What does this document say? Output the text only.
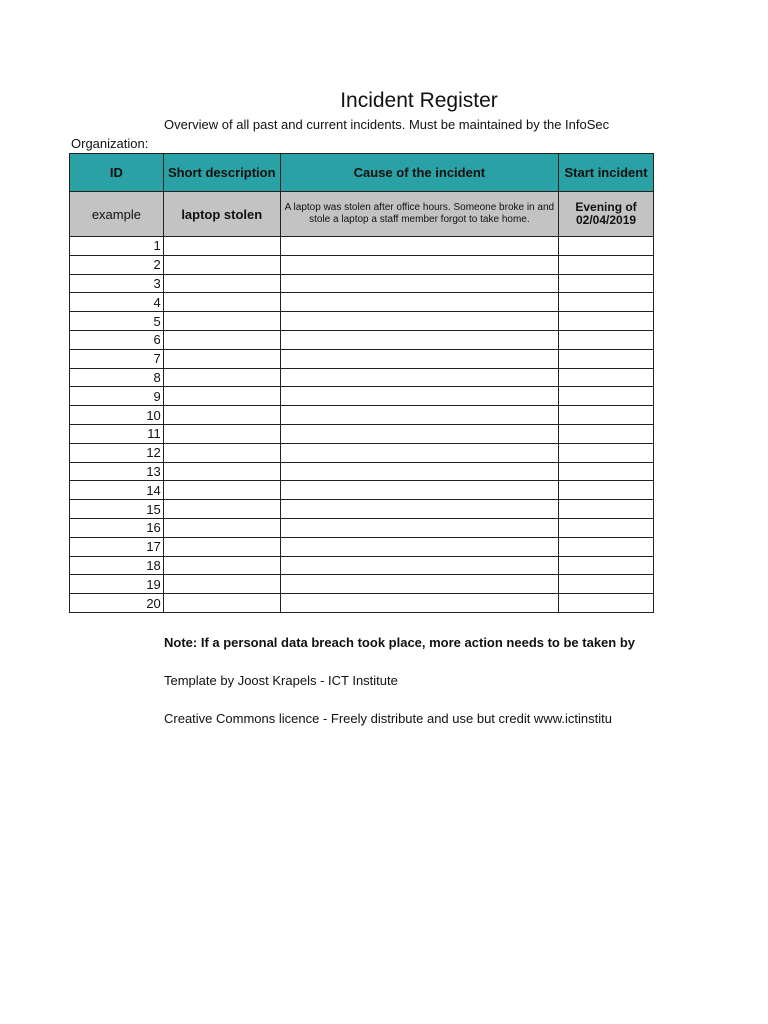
Incident Register
Overview of all past and current incidents. Must be maintained by the InfoSec
Organization:
ID	Short description	Cause of the incident	Start incident
example	laptop stolen	A laptop was stolen after office hours. Someone broke in and stole a laptop a staff member forgot to take home.	Evening of 02/04/2019
1			
2			
3			
4			
5			
6			
7			
8			
9			
10			
11			
12			
13			
14			
15			
16			
17			
18			
19			
20			
Note: If a personal data breach took place, more action needs to be taken by
Template by Joost Krapels - ICT Institute
Creative Commons licence - Freely distribute and use but credit www.ictinstitu
